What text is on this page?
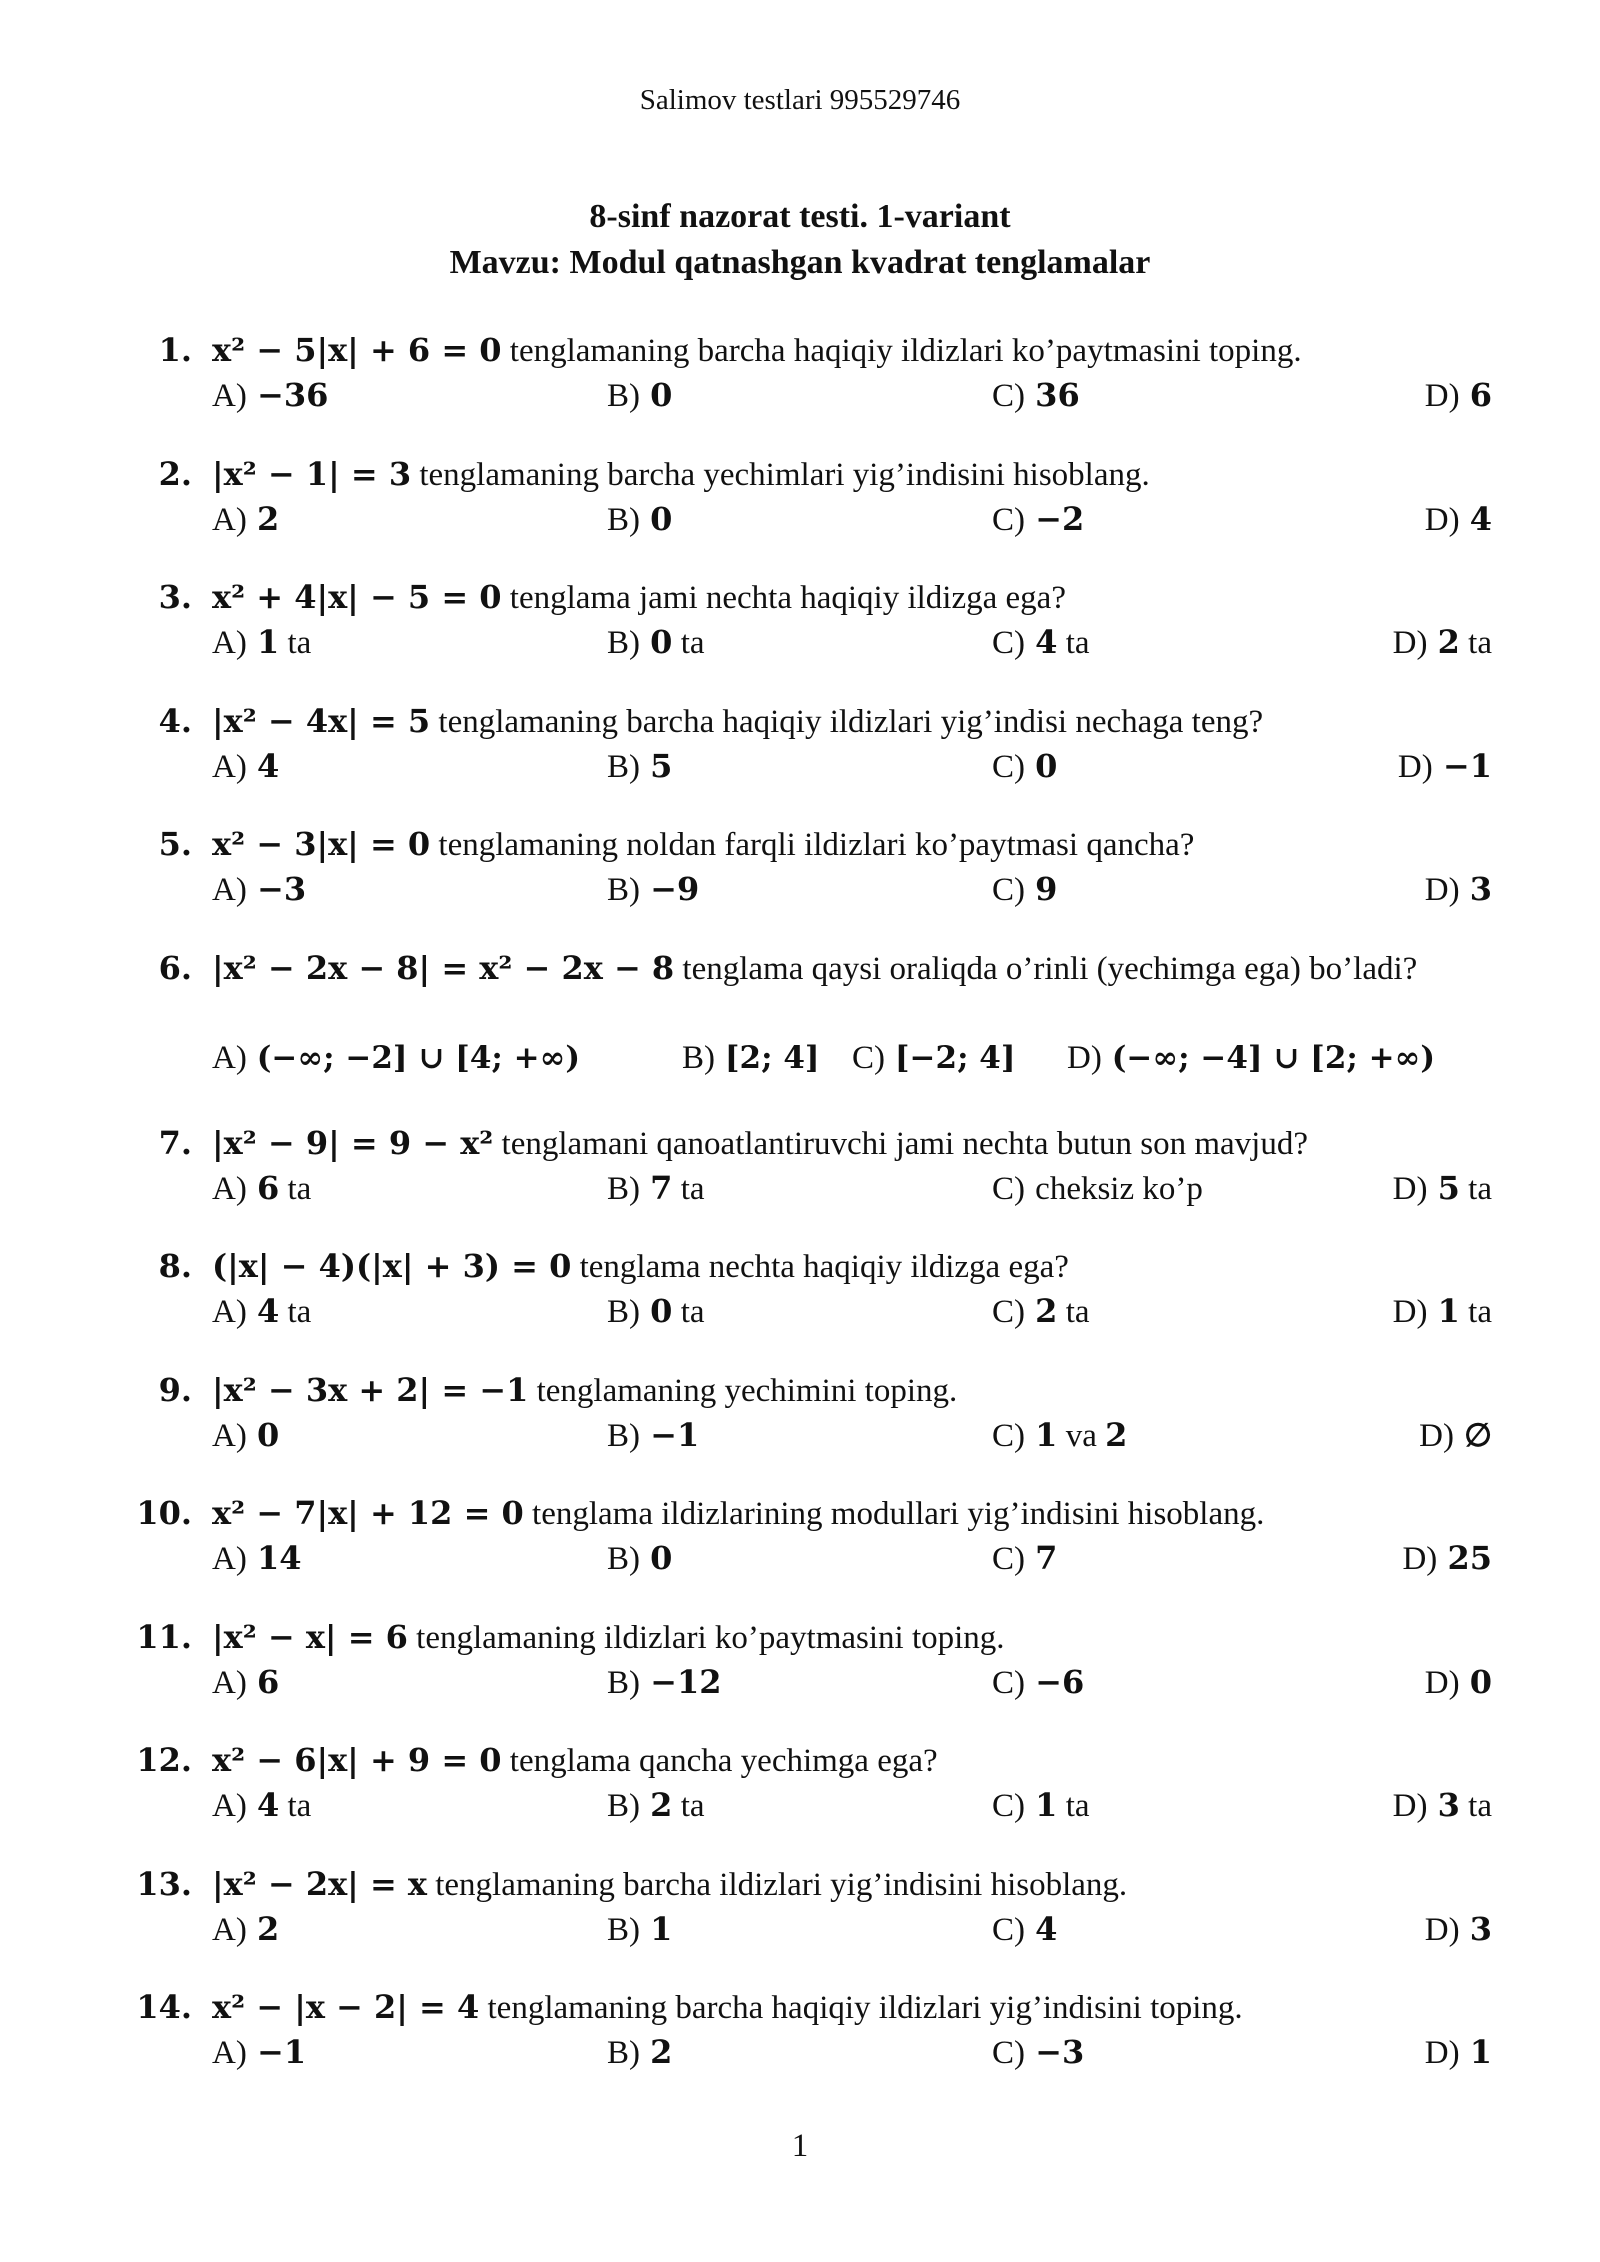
Salimov testlari 995529746
8-sinf nazorat testi. 1-variant
Mavzu: Modul qatnashgan kvadrat tenglamalar
1. x² − 5|x| + 6 = 0 tenglamaning barcha haqiqiy ildizlari ko’paytmasini toping.
A) −36	B) 0	C) 36	D) 6
2. |x² − 1| = 3 tenglamaning barcha yechimlari yig’indisini hisoblang.
A) 2	B) 0	C) −2	D) 4
3. x² + 4|x| − 5 = 0 tenglama jami nechta haqiqiy ildizga ega?
A) 1 ta	B) 0 ta	C) 4 ta	D) 2 ta
4. |x² − 4x| = 5 tenglamaning barcha haqiqiy ildizlari yig’indisi nechaga teng?
A) 4	B) 5	C) 0	D) −1
5. x² − 3|x| = 0 tenglamaning noldan farqli ildizlari ko’paytmasi qancha?
A) −3	B) −9	C) 9	D) 3
6. |x² − 2x − 8| = x² − 2x − 8 tenglama qaysi oraliqda o’rinli (yechimga ega) bo’ladi?
A) (−∞; −2] ∪ [4; +∞)	B) [2; 4] C) [−2; 4] D) (−∞; −4] ∪ [2; +∞)
7. |x² − 9| = 9 − x² tenglamani qanoatlantiruvchi jami nechta butun son mavjud?
A) 6 ta	B) 7 ta	C) cheksiz ko’p	D) 5 ta
8. (|x| − 4)(|x| + 3) = 0 tenglama nechta haqiqiy ildizga ega?
A) 4 ta	B) 0 ta	C) 2 ta	D) 1 ta
9. |x² − 3x + 2| = −1 tenglamaning yechimini toping.
A) 0	B) −1	C) 1 va 2	D) ∅
10. x² − 7|x| + 12 = 0 tenglama ildizlarining modullari yig’indisini hisoblang.
A) 14	B) 0	C) 7	D) 25
11. |x² − x| = 6 tenglamaning ildizlari ko’paytmasini toping.
A) 6	B) −12	C) −6	D) 0
12. x² − 6|x| + 9 = 0 tenglama qancha yechimga ega?
A) 4 ta	B) 2 ta	C) 1 ta	D) 3 ta
13. |x² − 2x| = x tenglamaning barcha ildizlari yig’indisini hisoblang.
A) 2	B) 1	C) 4	D) 3
14. x² − |x − 2| = 4 tenglamaning barcha haqiqiy ildizlari yig’indisini toping.
A) −1	B) 2	C) −3	D) 1
1
